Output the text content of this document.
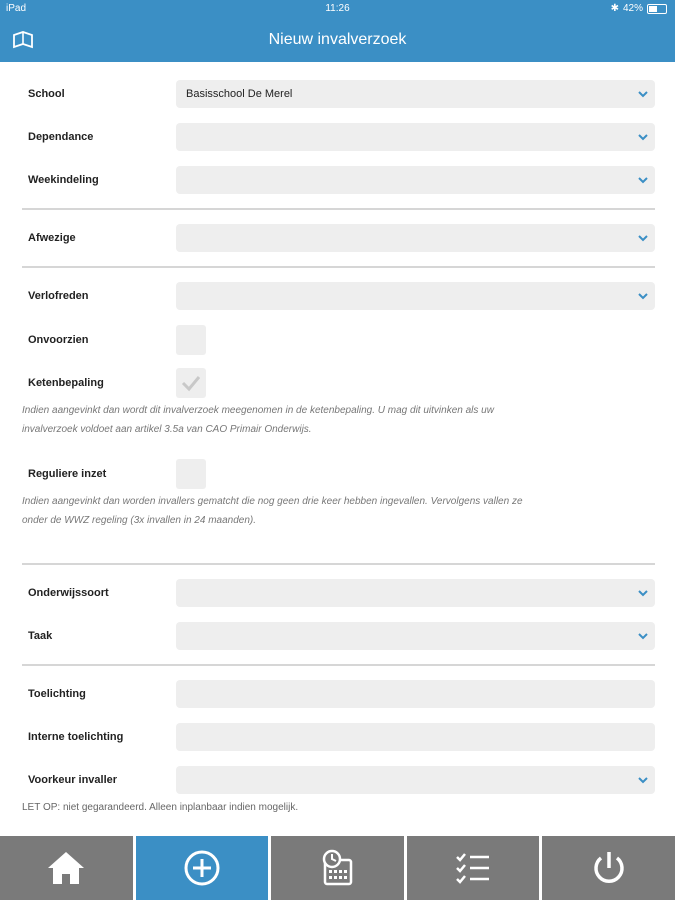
iPad	11:26	✱ 42%
Nieuw invalverzoek
School	Basisschool De Merel
Dependance
Weekindeling
Afwezige
Verlofreden
Onvoorzien
Ketenbepaling
Indien aangevinkt dan wordt dit invalverzoek meegenomen in de ketenbepaling. U mag dit uitvinken als uw
invalverzoek voldoet aan artikel 3.5a van CAO Primair Onderwijs.
Reguliere inzet
Indien aangevinkt dan worden invallers gematcht die nog geen drie keer hebben ingevallen. Vervolgens vallen ze
onder de WWZ regeling (3x invallen in 24 maanden).
Onderwijssoort
Taak
Toelichting
Interne toelichting
Voorkeur invaller
LET OP: niet gegarandeerd. Alleen inplanbaar indien mogelijk.
